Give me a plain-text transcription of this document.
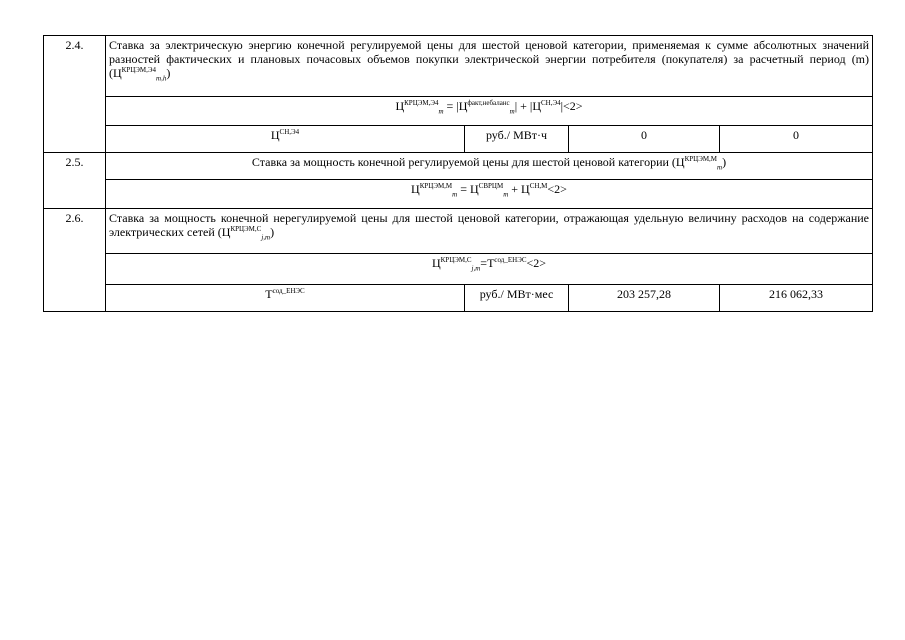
2.4.	Ставка за электрическую энергию конечной регулируемой цены для шестой ценовой категории, применяемая к сумме абсолютных значений разностей фактических и плановых почасовых объемов покупки электрической энергии потребителя (покупателя) за расчетный период (m) $(Ц^{КРЦЭМ,Э4}_{m,h})$			
	$Ц^{КРЦЭМ,Э4}_m = |Ц^{факт,небаланс}_m| + |Ц^{СН,Э4}|<2>$			
	$Ц^{СН,Э4}$	руб./ МВт·ч	0	0
2.5.	Ставка за мощность конечной регулируемой цены для шестой ценовой категории $(Ц^{КРЦЭМ,М}_m)$			
	$Ц^{КРЦЭМ,М}_m = Ц^{СВРЦМ}_m + Ц^{СН,М}<2>$			
2.6.	Ставка за мощность конечной нерегулируемой цены для шестой ценовой категории, отражающая удельную величину расходов на содержание электрических сетей $(Ц^{КРЦЭМ,С}_{j,m})$			
	$Ц^{КРЦЭМ,С}_{j,m}=T^{сод\_ЕНЭС}<2>$			
	$T^{сод\_ЕНЭС}$	руб./ МВт·мес	203 257,28	216 062,33
